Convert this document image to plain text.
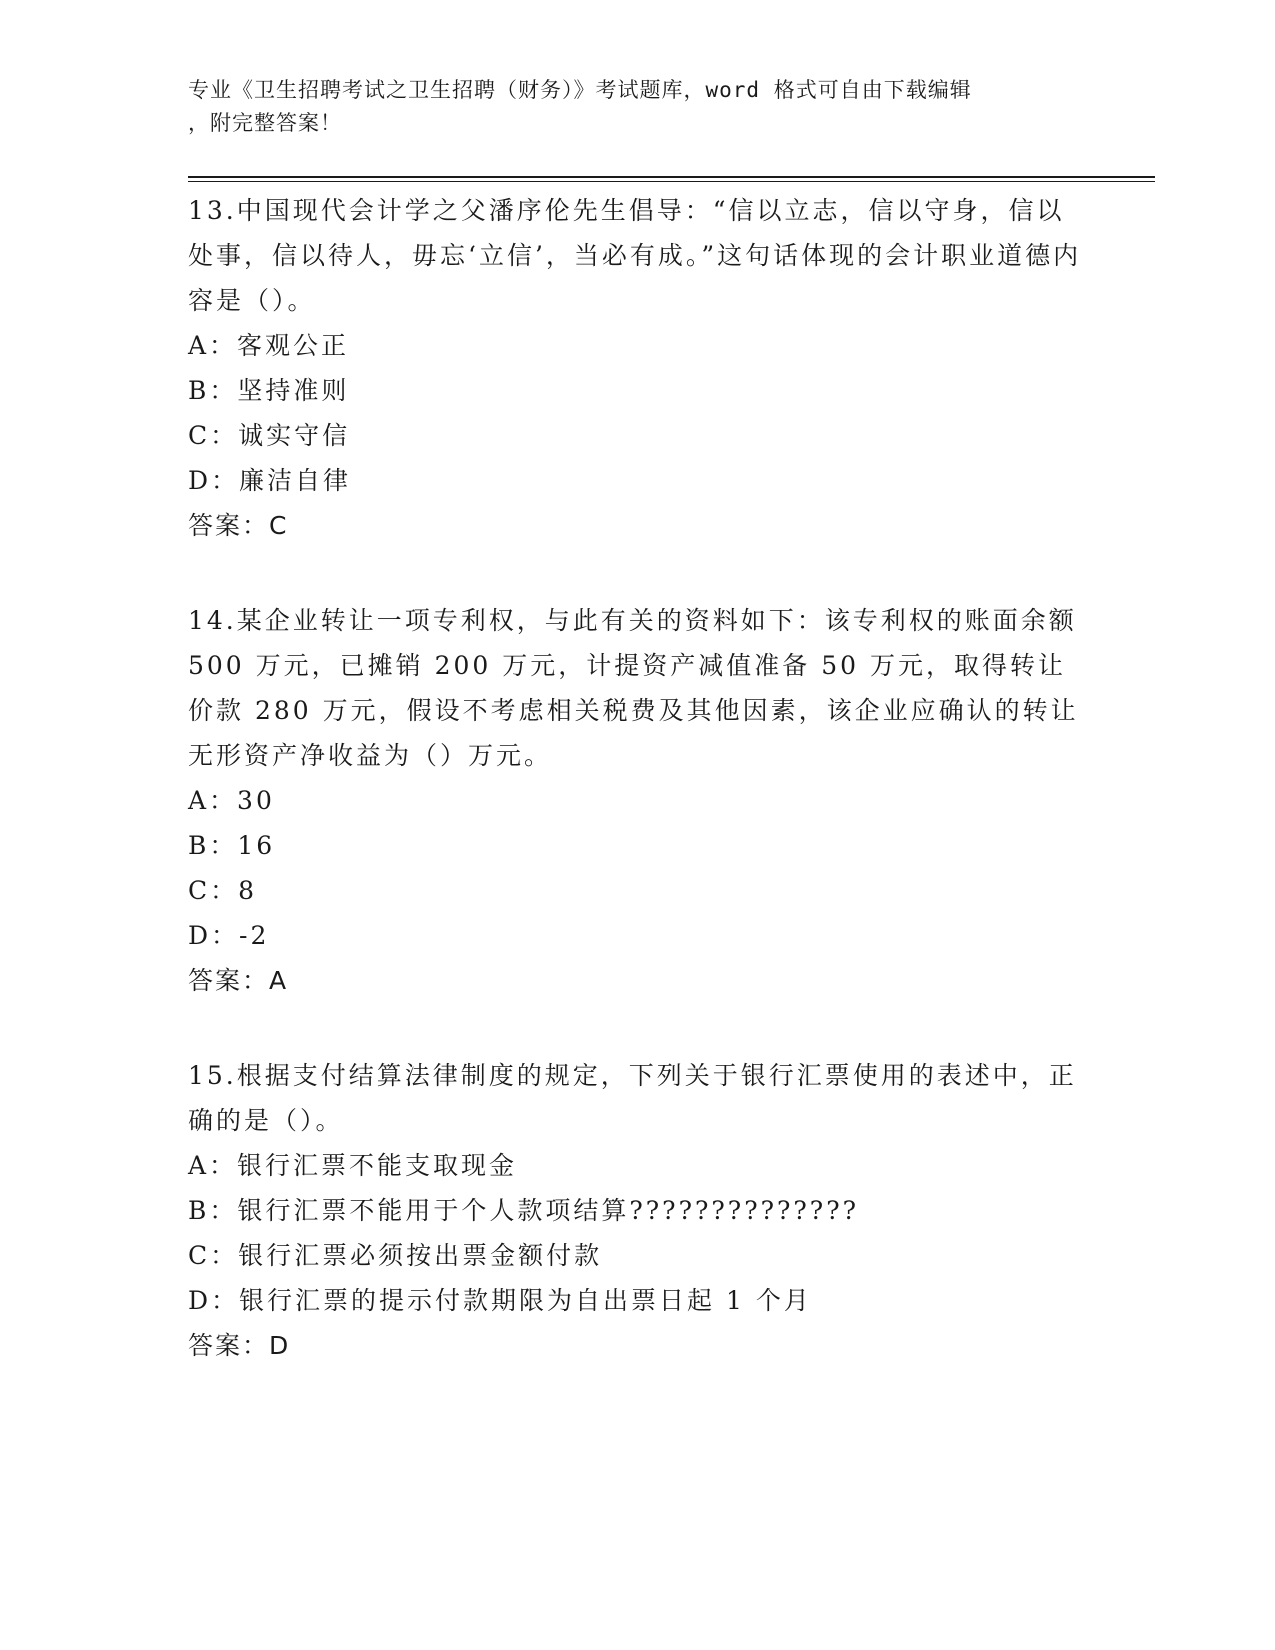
专业《卫生招聘考试之卫生招聘（财务）》考试题库，word 格式可自由下载编辑
，附完整答案！
13.中国现代会计学之父潘序伦先生倡导：“信以立志，信以守身，信以处事，信以待人，毋忘‘立信’，当必有成。”这句话体现的会计职业道德内容是（）。
A：客观公正
B：坚持准则
C：诚实守信
D：廉洁自律
答案：C
14.某企业转让一项专利权，与此有关的资料如下：该专利权的账面余额 500 万元，已摊销 200 万元，计提资产减值准备 50 万元，取得转让价款 280 万元，假设不考虑相关税费及其他因素，该企业应确认的转让无形资产净收益为（）万元。
A：30
B：16
C：8
D：-2
答案：A
15.根据支付结算法律制度的规定，下列关于银行汇票使用的表述中，正确的是（）。
A：银行汇票不能支取现金
B：银行汇票不能用于个人款项结算??????????????
C：银行汇票必须按出票金额付款
D：银行汇票的提示付款期限为自出票日起 1 个月
答案：D
